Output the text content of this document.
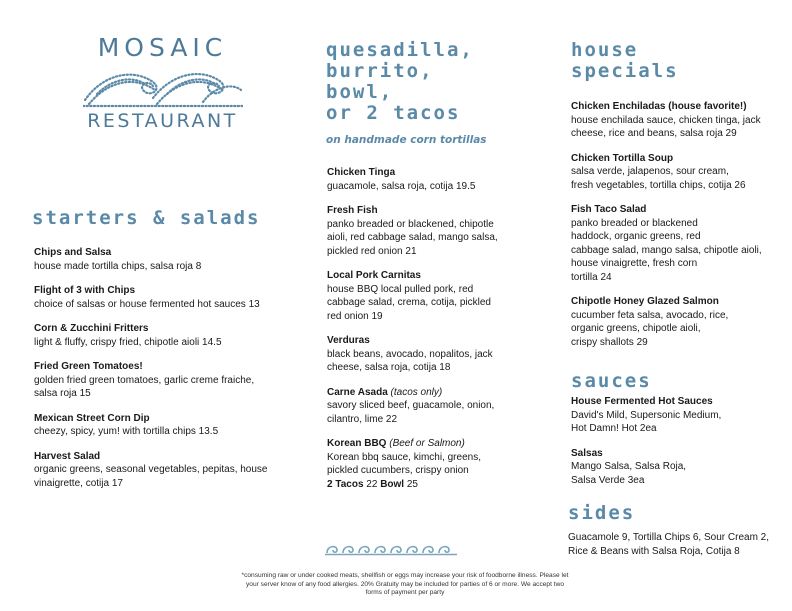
MOSAIC
RESTAURANT
starters & salads
Chips and Salsa
house made tortilla chips, salsa roja 8
Flight of 3 with Chips
choice of salsas or house fermented hot sauces 13
Corn & Zucchini Fritters
light & fluffy, crispy fried, chipotle aioli 14.5
Fried Green Tomatoes!
golden fried green tomatoes, garlic creme fraiche,
salsa roja 15
Mexican Street Corn Dip
cheezy, spicy, yum! with tortilla chips 13.5
Harvest Salad
organic greens, seasonal vegetables, pepitas, house
vinaigrette, cotija 17
quesadilla,
burrito,
bowl,
or 2 tacos
on handmade corn tortillas
Chicken Tinga
guacamole, salsa roja, cotija 19.5
Fresh Fish
panko breaded or blackened, chipotle
aioli, red cabbage salad, mango salsa,
pickled red onion 21
Local Pork Carnitas
house BBQ local pulled pork, red
cabbage salad, crema, cotija, pickled
red onion 19
Verduras
black beans, avocado, nopalitos, jack
cheese, salsa roja, cotija 18
Carne Asada (tacos only)
savory sliced beef, guacamole, onion,
cilantro, lime 22
Korean BBQ (Beef or Salmon)
Korean bbq sauce, kimchi, greens,
pickled cucumbers, crispy onion
2 Tacos 22 Bowl 25
house
specials
Chicken Enchiladas (house favorite!)
house enchilada sauce, chicken tinga, jack
cheese, rice and beans, salsa roja 29
Chicken Tortilla Soup
salsa verde, jalapenos, sour cream,
fresh vegetables, tortilla chips, cotija 26
Fish Taco Salad
panko breaded or blackened
haddock, organic greens, red
cabbage salad, mango salsa, chipotle aioli,
house vinaigrette, fresh corn
tortilla 24
Chipotle Honey Glazed Salmon
cucumber feta salsa, avocado, rice,
organic greens, chipotle aioli,
crispy shallots 29
sauces
House Fermented Hot Sauces
David's Mild, Supersonic Medium,
Hot Damn! Hot 2ea
Salsas
Mango Salsa, Salsa Roja,
Salsa Verde 3ea
sides
Guacamole 9, Tortilla Chips 6, Sour Cream 2,
Rice & Beans with Salsa Roja, Cotija 8
*consuming raw or under cooked meats, shellfish or eggs may increase your risk of foodborne illness. Please let your server know of any food allergies. 20% Gratuity may be included for parties of 6 or more. We accept two forms of payment per party
